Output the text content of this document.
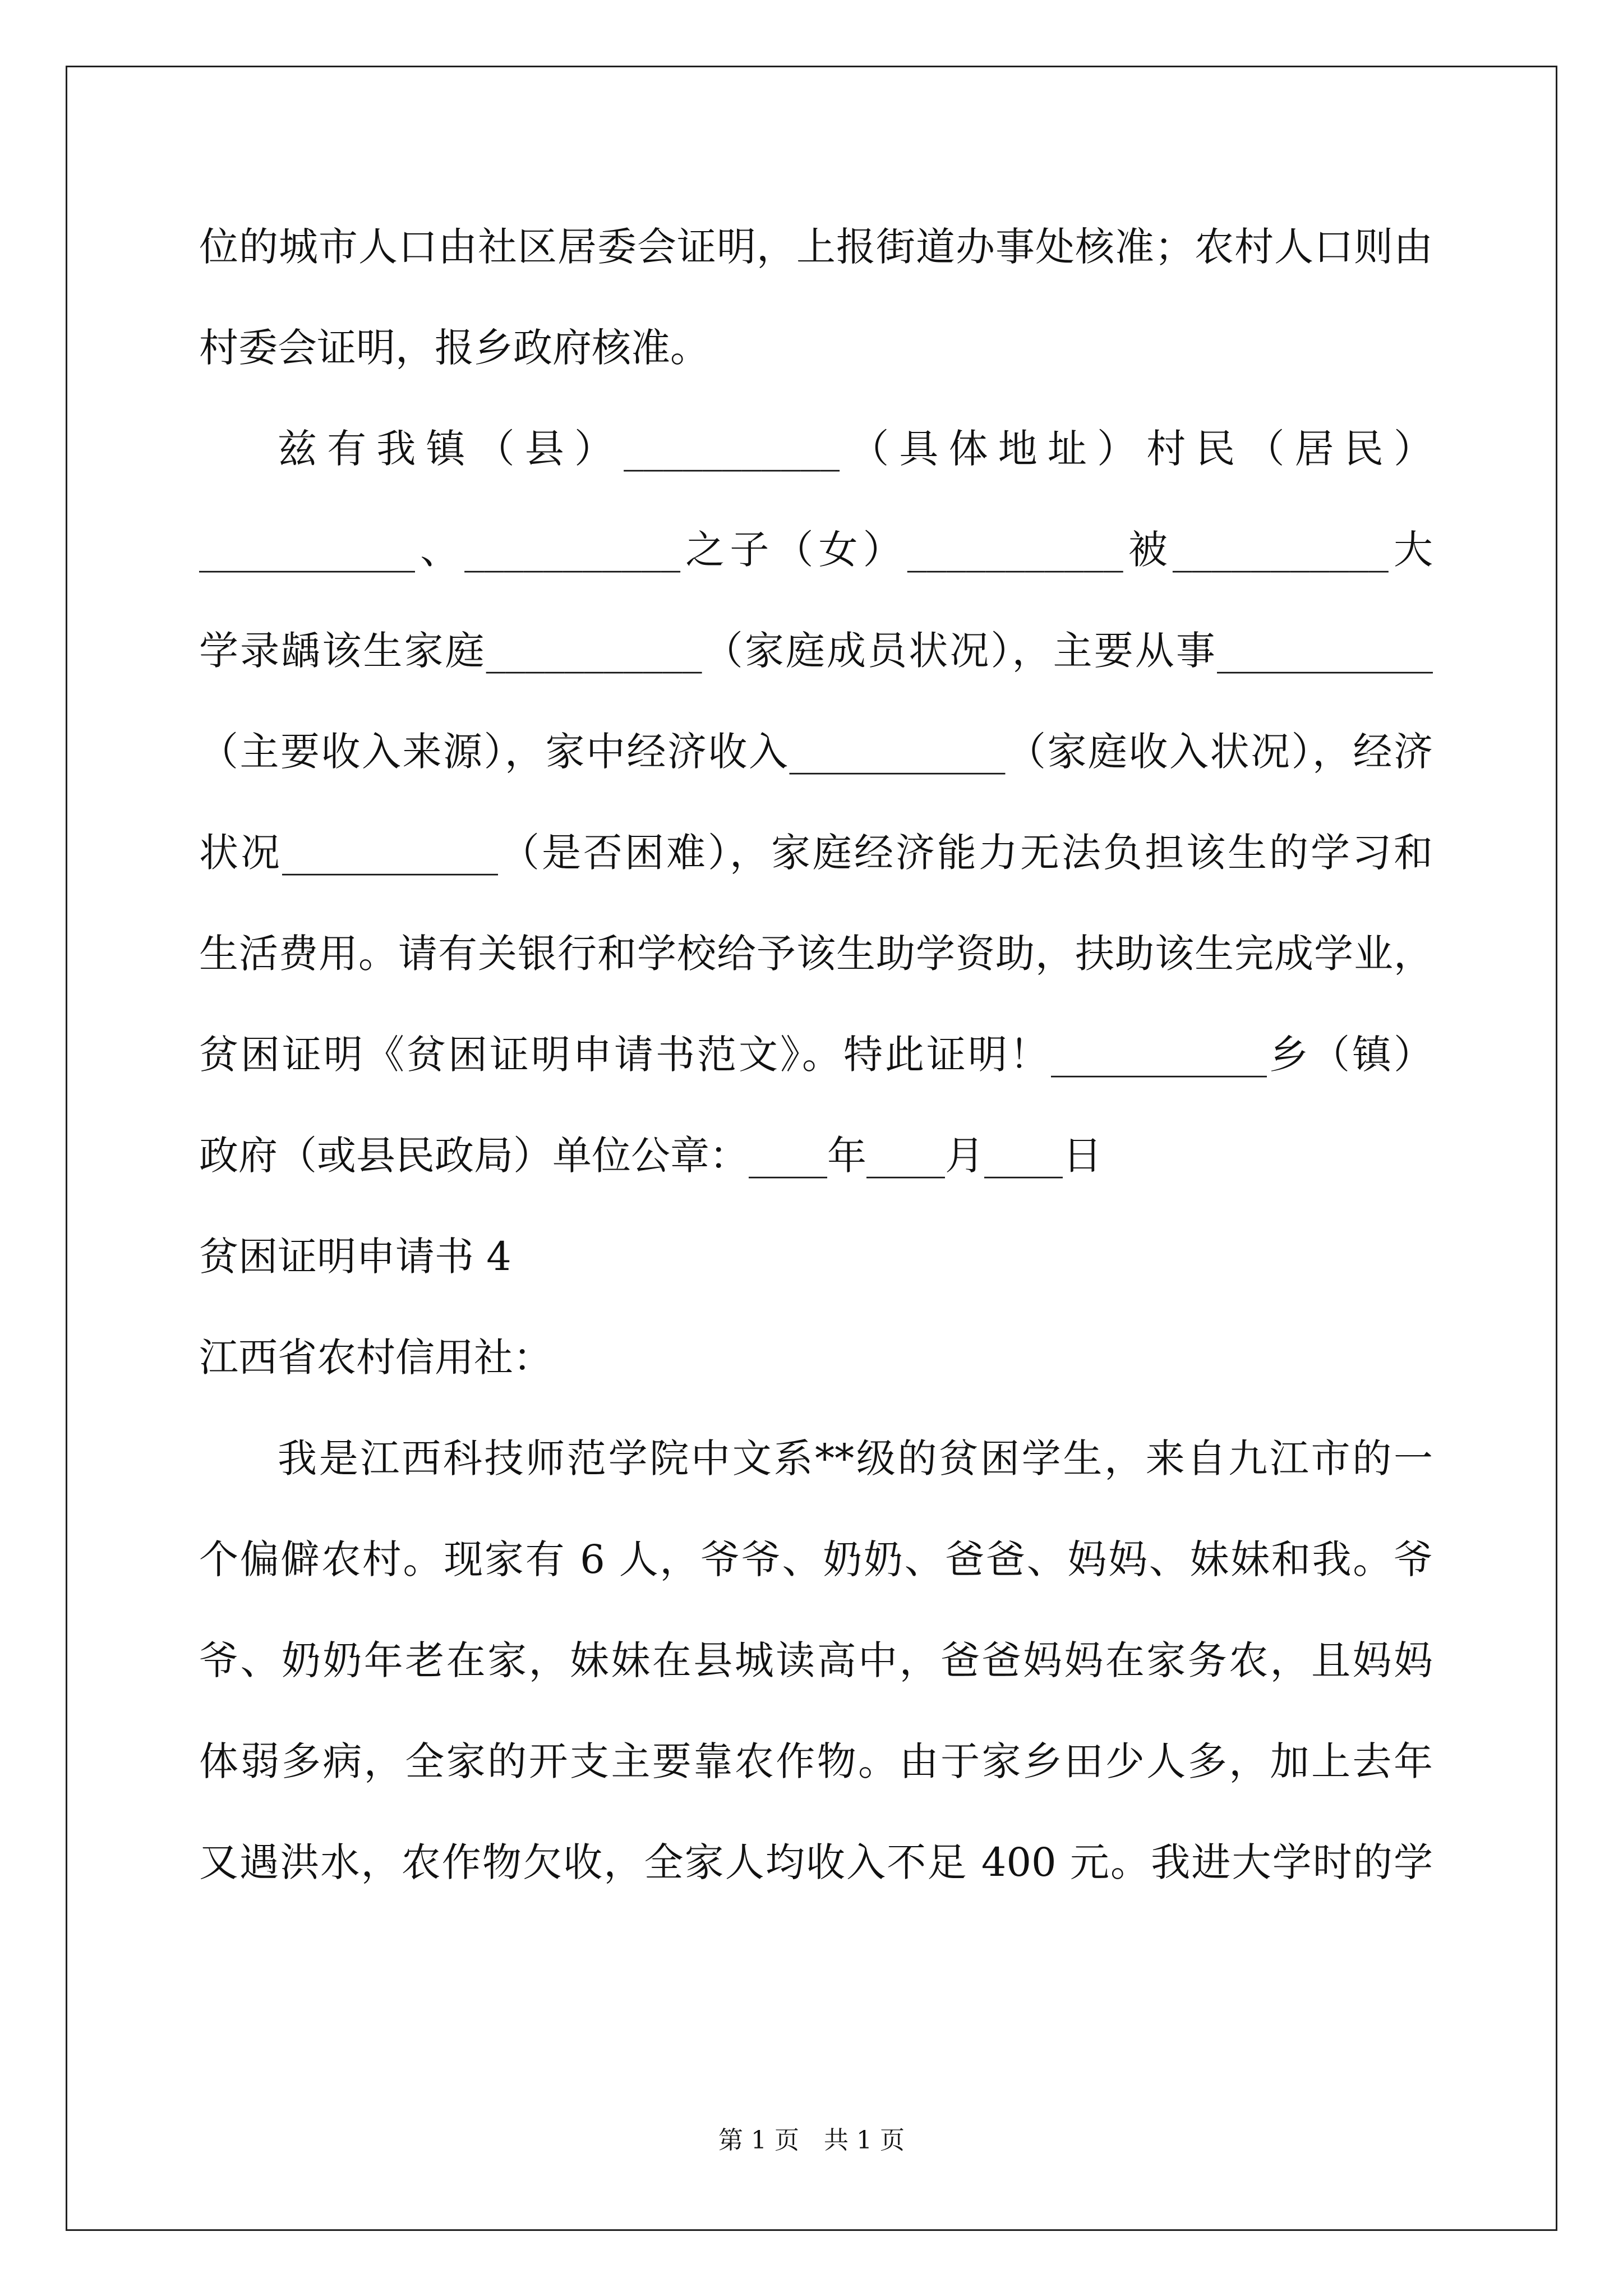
位的城市人口由社区居委会证明，上报街道办事处核准；农村人口则由
村委会证明，报乡政府核准。
兹有我镇（县）___________（具体地址）村民（居民）
___________、___________之子（女）___________被___________大
学录龋该生家庭___________（家庭成员状况），主要从事___________
（主要收入来源），家中经济收入___________（家庭收入状况），经济
状况___________（是否困难），家庭经济能力无法负担该生的学习和
生活费用。请有关银行和学校给予该生助学资助，扶助该生完成学业，
贫困证明《贫困证明申请书范文》。特此证明！___________乡（镇）
政府（或县民政局）单位公章：____年____月____日
贫困证明申请书 4
江西省农村信用社：
我是江西科技师范学院中文系**级的贫困学生，来自九江市的一
个偏僻农村。现家有 6 人，爷爷、奶奶、爸爸、妈妈、妹妹和我。爷
爷、奶奶年老在家，妹妹在县城读高中，爸爸妈妈在家务农，且妈妈
体弱多病，全家的开支主要靠农作物。由于家乡田少人多，加上去年
又遇洪水，农作物欠收，全家人均收入不足 400 元。我进大学时的学
第 1 页　共 1 页
